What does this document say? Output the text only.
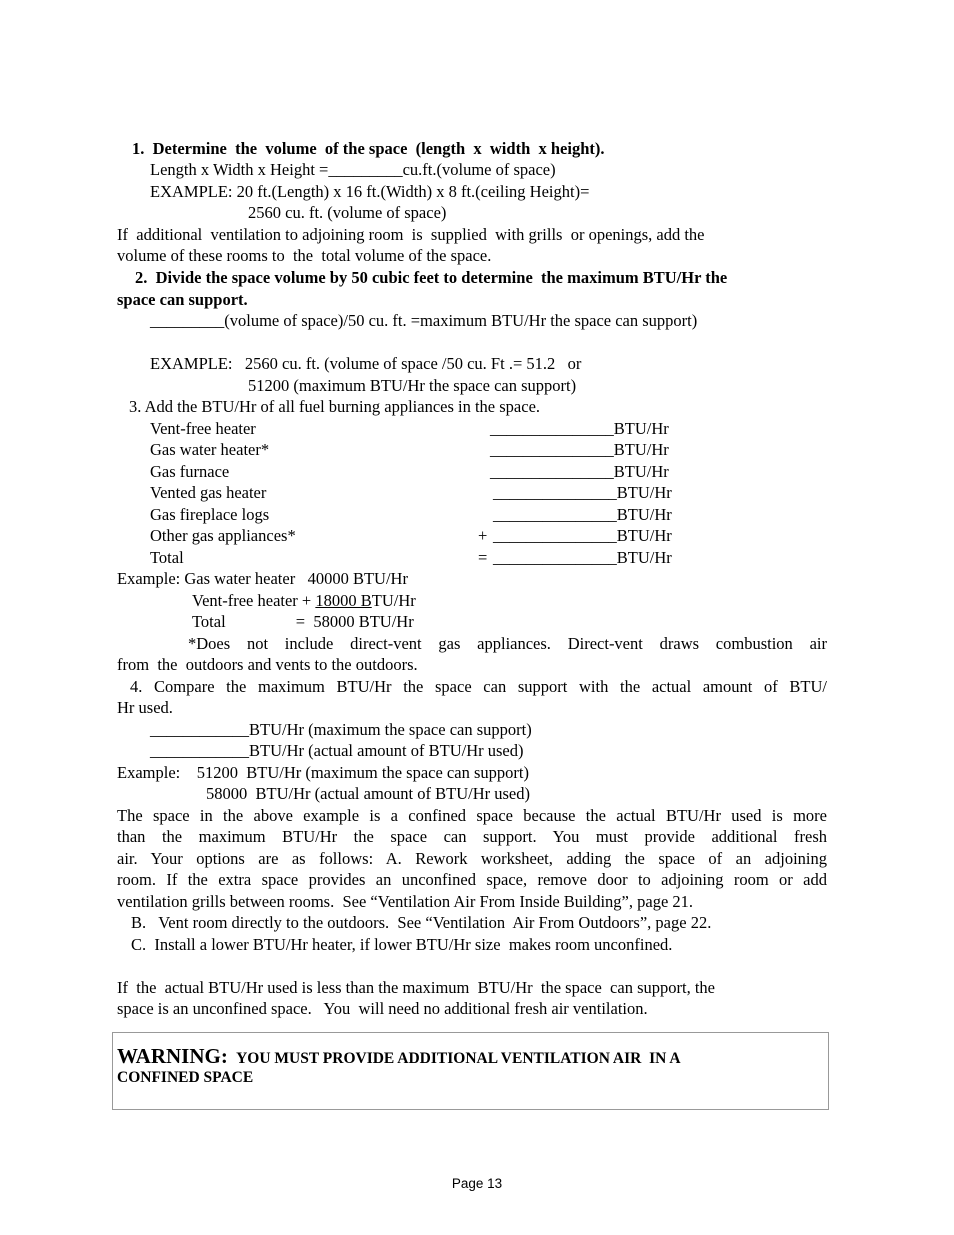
1.  Determine  the  volume  of the space  (length  x  width  x height).
Length x Width x Height =_________cu.ft.(volume of space)
EXAMPLE: 20 ft.(Length) x 16 ft.(Width) x 8 ft.(ceiling Height)=
2560 cu. ft. (volume of space)
If  additional  ventilation to adjoining room  is  supplied  with grills  or openings, add the
volume of these rooms to  the  total volume of the space.
2.  Divide the space volume by 50 cubic feet to determine  the maximum BTU/Hr the
space can support.
_________(volume of space)/50 cu. ft. =maximum BTU/Hr the space can support)
EXAMPLE:   2560 cu. ft. (volume of space /50 cu. Ft .= 51.2   or
51200 (maximum BTU/Hr the space can support)
3. Add the BTU/Hr of all fuel burning appliances in the space.
Vent-free heater	_______________BTU/Hr
Gas water heater*	_______________BTU/Hr
Gas furnace	_______________BTU/Hr
Vented gas heater	_______________BTU/Hr
Gas fireplace logs	_______________BTU/Hr
Other gas appliances*	+ _______________BTU/Hr
Total	= _______________BTU/Hr
Example: Gas water heater   40000 BTU/Hr
Vent-free heater + 18000 BTU/Hr
Total                 =  58000 BTU/Hr
*Does not include direct-vent gas appliances. Direct-vent draws combustion air
from  the  outdoors and vents to the outdoors.
4. Compare the maximum BTU/Hr the space can support with the actual amount of BTU/
Hr used.
____________BTU/Hr (maximum the space can support)
____________BTU/Hr (actual amount of BTU/Hr used)
Example:    51200  BTU/Hr (maximum the space can support)
58000  BTU/Hr (actual amount of BTU/Hr used)
The space in the above example is a confined space because the actual BTU/Hr used is more
than the maximum BTU/Hr the space can support. You must provide additional fresh
air. Your options are as follows: A. Rework worksheet, adding the space of an adjoining
room. If the extra space provides an unconfined space, remove door to adjoining room or add
ventilation grills between rooms.  See “Ventilation Air From Inside Building”, page 21.
B.   Vent room directly to the outdoors.  See “Ventilation  Air From Outdoors”, page 22.
C.  Install a lower BTU/Hr heater, if lower BTU/Hr size  makes room unconfined.
If  the  actual BTU/Hr used is less than the maximum  BTU/Hr  the space  can support, the
space is an unconfined space.   You  will need no additional fresh air ventilation.
WARNING: YOU MUST PROVIDE ADDITIONAL VENTILATION AIR  IN A
CONFINED SPACE
Page 13
